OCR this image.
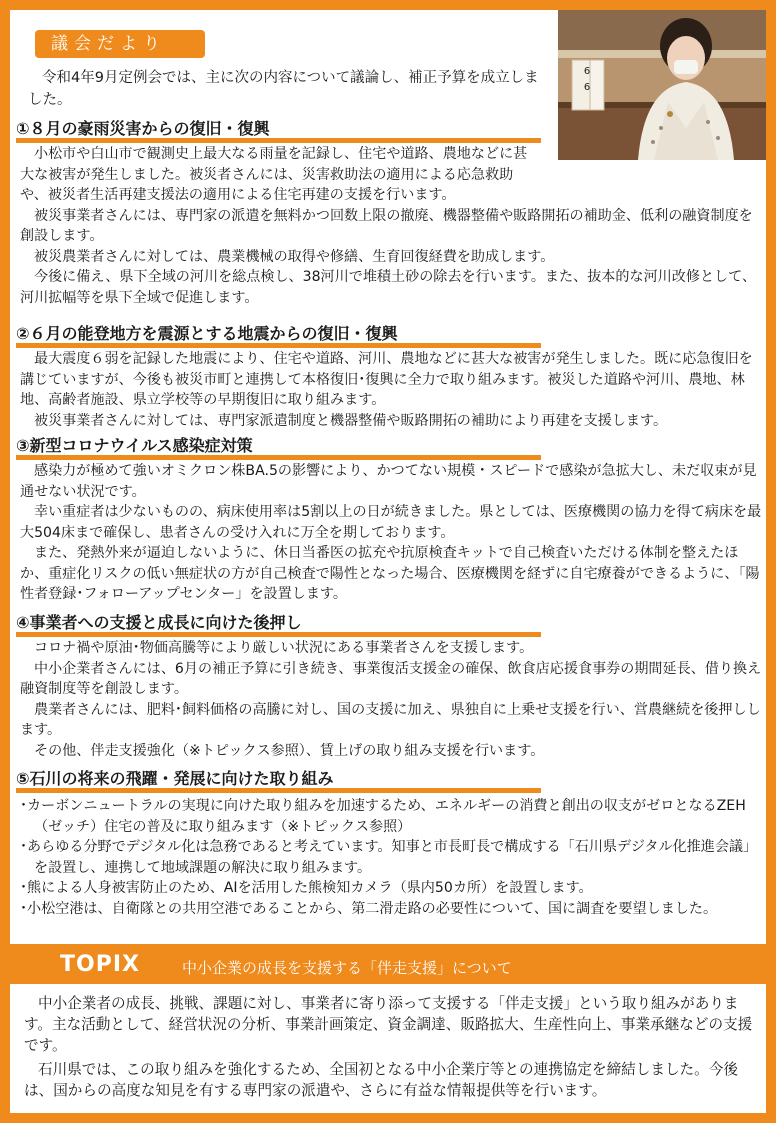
議会だより
6
6

令和4年9月定例会では、主に次の内容について議論し、補正予算を成立しました。

①８月の豪雨災害からの復旧・復興

小松市や白山市で観測史上最大なる雨量を記録し、住宅や道路、農地などに甚大な被害が発生しました。被災者さんには、災害救助法の適用による応急救助や、被災者生活再建支援法の適用による住宅再建の支援を行います。

被災事業者さんには、専門家の派遣を無料かつ回数上限の撤廃、機器整備や販路開拓の補助金、低利の融資制度を創設します。

被災農業者さんに対しては、農業機械の取得や修繕、生育回復経費を助成します。

今後に備え、県下全域の河川を総点検し、38河川で堆積土砂の除去を行います。また、抜本的な河川改修として、河川拡幅等を県下全域で促進します。

②６月の能登地方を震源とする地震からの復旧・復興

最大震度６弱を記録した地震により、住宅や道路、河川、農地などに甚大な被害が発生しました。既に応急復旧を講じていますが、今後も被災市町と連携して本格復旧･復興に全力で取り組みます。被災した道路や河川、農地、林地、高齢者施設、県立学校等の早期復旧に取り組みます。

被災事業者さんに対しては、専門家派遣制度と機器整備や販路開拓の補助により再建を支援します。

③新型コロナウイルス感染症対策

感染力が極めて強いオミクロン株BA.5の影響により、かつてない規模・スピードで感染が急拡大し、未だ収束が見通せない状況です。

幸い重症者は少ないものの、病床使用率は5割以上の日が続きました。県としては、医療機関の協力を得て病床を最大504床まで確保し、患者さんの受け入れに万全を期しております。

また、発熱外来が逼迫しないように、休日当番医の拡充や抗原検査キットで自己検査いただける体制を整えたほか、重症化リスクの低い無症状の方が自己検査で陽性となった場合、医療機関を経ずに自宅療養ができるように、「陽性者登録･フォローアップセンター」を設置します。

④事業者への支援と成長に向けた後押し

コロナ禍や原油･物価高騰等により厳しい状況にある事業者さんを支援します。

中小企業者さんには、6月の補正予算に引き続き、事業復活支援金の確保、飲食店応援食事券の期間延長、借り換え融資制度等を創設します。

農業者さんには、肥料･飼料価格の高騰に対し、国の支援に加え、県独自に上乗せ支援を行い、営農継続を後押しします。

その他、伴走支援強化（※トピックス参照）、賃上げの取り組み支援を行います。

⑤石川の将来の飛躍・発展に向けた取り組み
･カーボンニュートラルの実現に向けた取り組みを加速するため、エネルギーの消費と創出の収支がゼロとなるZEH（ゼッチ）住宅の普及に取り組みます（※トピックス参照）
･あらゆる分野でデジタル化は急務であると考えています。知事と市長町長で構成する「石川県デジタル化推進会議」を設置し、連携して地域課題の解決に取り組みます。
･熊による人身被害防止のため、AIを活用した熊検知カメラ（県内50カ所）を設置します。
･小松空港は、自衛隊との共用空港であることから、第二滑走路の必要性について、国に調査を要望しました。
TOPIX	中小企業の成長を支援する「伴走支援」について

中小企業者の成長、挑戦、課題に対し、事業者に寄り添って支援する「伴走支援」という取り組みがあります。主な活動として、経営状況の分析、事業計画策定、資金調達、販路拡大、生産性向上、事業承継などの支援です。

石川県では、この取り組みを強化するため、全国初となる中小企業庁等との連携協定を締結しました。今後は、国からの高度な知見を有する専門家の派遣や、さらに有益な情報提供等を行います。
